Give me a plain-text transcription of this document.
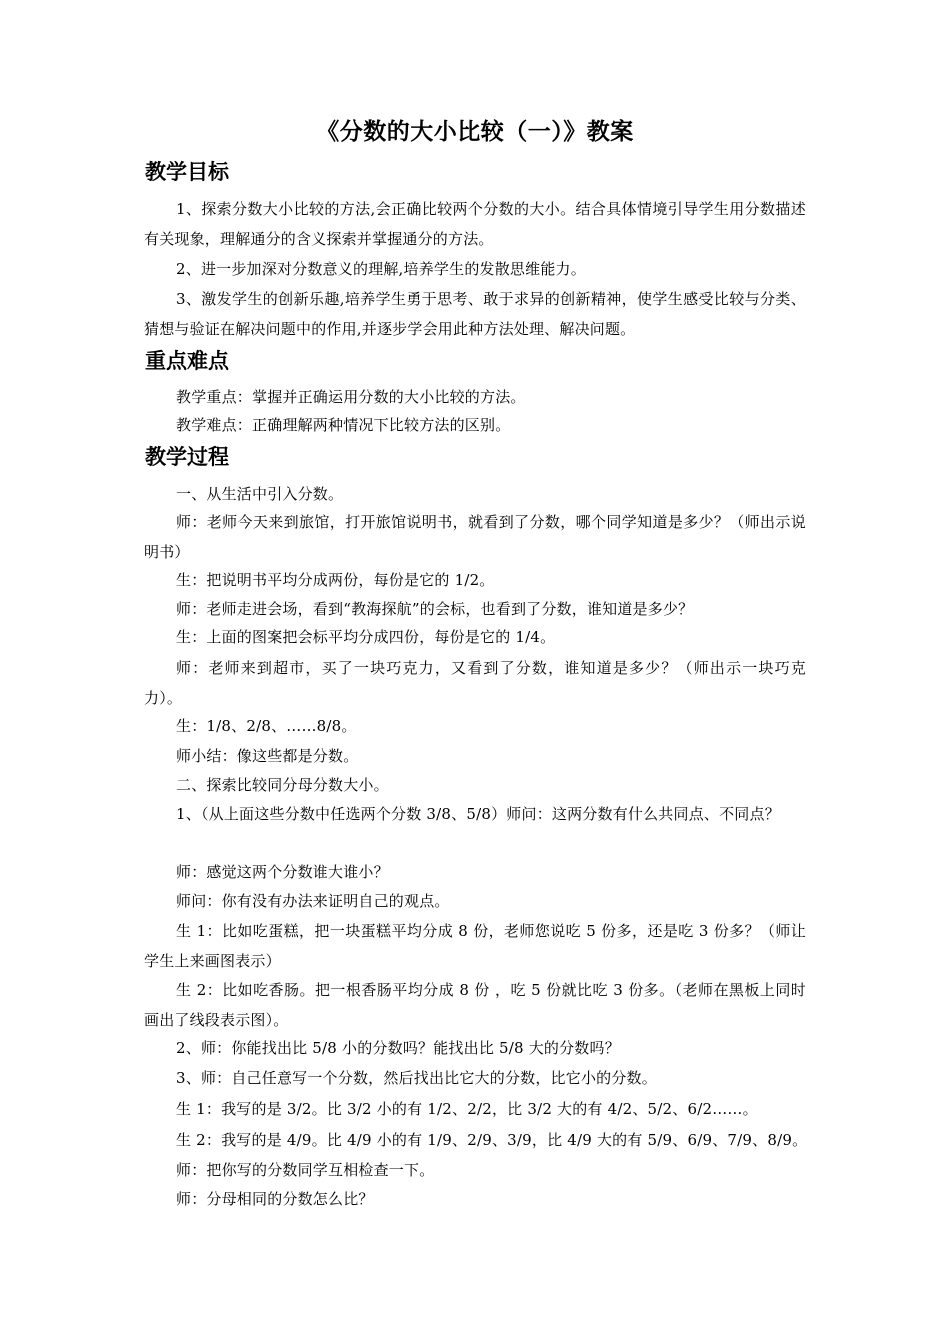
《分数的大小比较（一）》教案
教学目标
1、探索分数大小比较的方法,会正确比较两个分数的大小。结合具体情境引导学生用分数描述有关现象，理解通分的含义探索并掌握通分的方法。
2、进一步加深对分数意义的理解,培养学生的发散思维能力。
3、激发学生的创新乐趣,培养学生勇于思考、敢于求异的创新精神，使学生感受比较与分类、猜想与验证在解决问题中的作用,并逐步学会用此种方法处理、解决问题。
重点难点
教学重点：掌握并正确运用分数的大小比较的方法。
教学难点：正确理解两种情况下比较方法的区别。
教学过程
一、从生活中引入分数。
师：老师今天来到旅馆，打开旅馆说明书，就看到了分数，哪个同学知道是多少？（师出示说明书）
生：把说明书平均分成两份，每份是它的 1/2。
师：老师走进会场，看到“教海探航”的会标，也看到了分数，谁知道是多少？
生：上面的图案把会标平均分成四份，每份是它的 1/4。
师：老师来到超市，买了一块巧克力，又看到了分数，谁知道是多少？（师出示一块巧克力）。
生：1/8、2/8、……8/8。
师小结：像这些都是分数。
二、探索比较同分母分数大小。
1、（从上面这些分数中任选两个分数 3/8、5/8）师问：这两分数有什么共同点、不同点？
师：感觉这两个分数谁大谁小？
师问：你有没有办法来证明自己的观点。
生 1：比如吃蛋糕，把一块蛋糕平均分成 8 份，老师您说吃 5 份多，还是吃 3 份多？（师让学生上来画图表示）
生 2：比如吃香肠。把一根香肠平均分成 8 份 ，吃 5 份就比吃 3 份多。（老师在黑板上同时画出了线段表示图）。
2、师：你能找出比 5/8 小的分数吗？能找出比 5/8 大的分数吗？
3、师：自己任意写一个分数，然后找出比它大的分数，比它小的分数。
生 1：我写的是 3/2。比 3/2 小的有 1/2、2/2，比 3/2 大的有 4/2、5/2、6/2……。
生 2：我写的是 4/9。比 4/9 小的有 1/9、2/9、3/9，比 4/9 大的有 5/9、6/9、7/9、8/9。
师：把你写的分数同学互相检查一下。
师：分母相同的分数怎么比？
